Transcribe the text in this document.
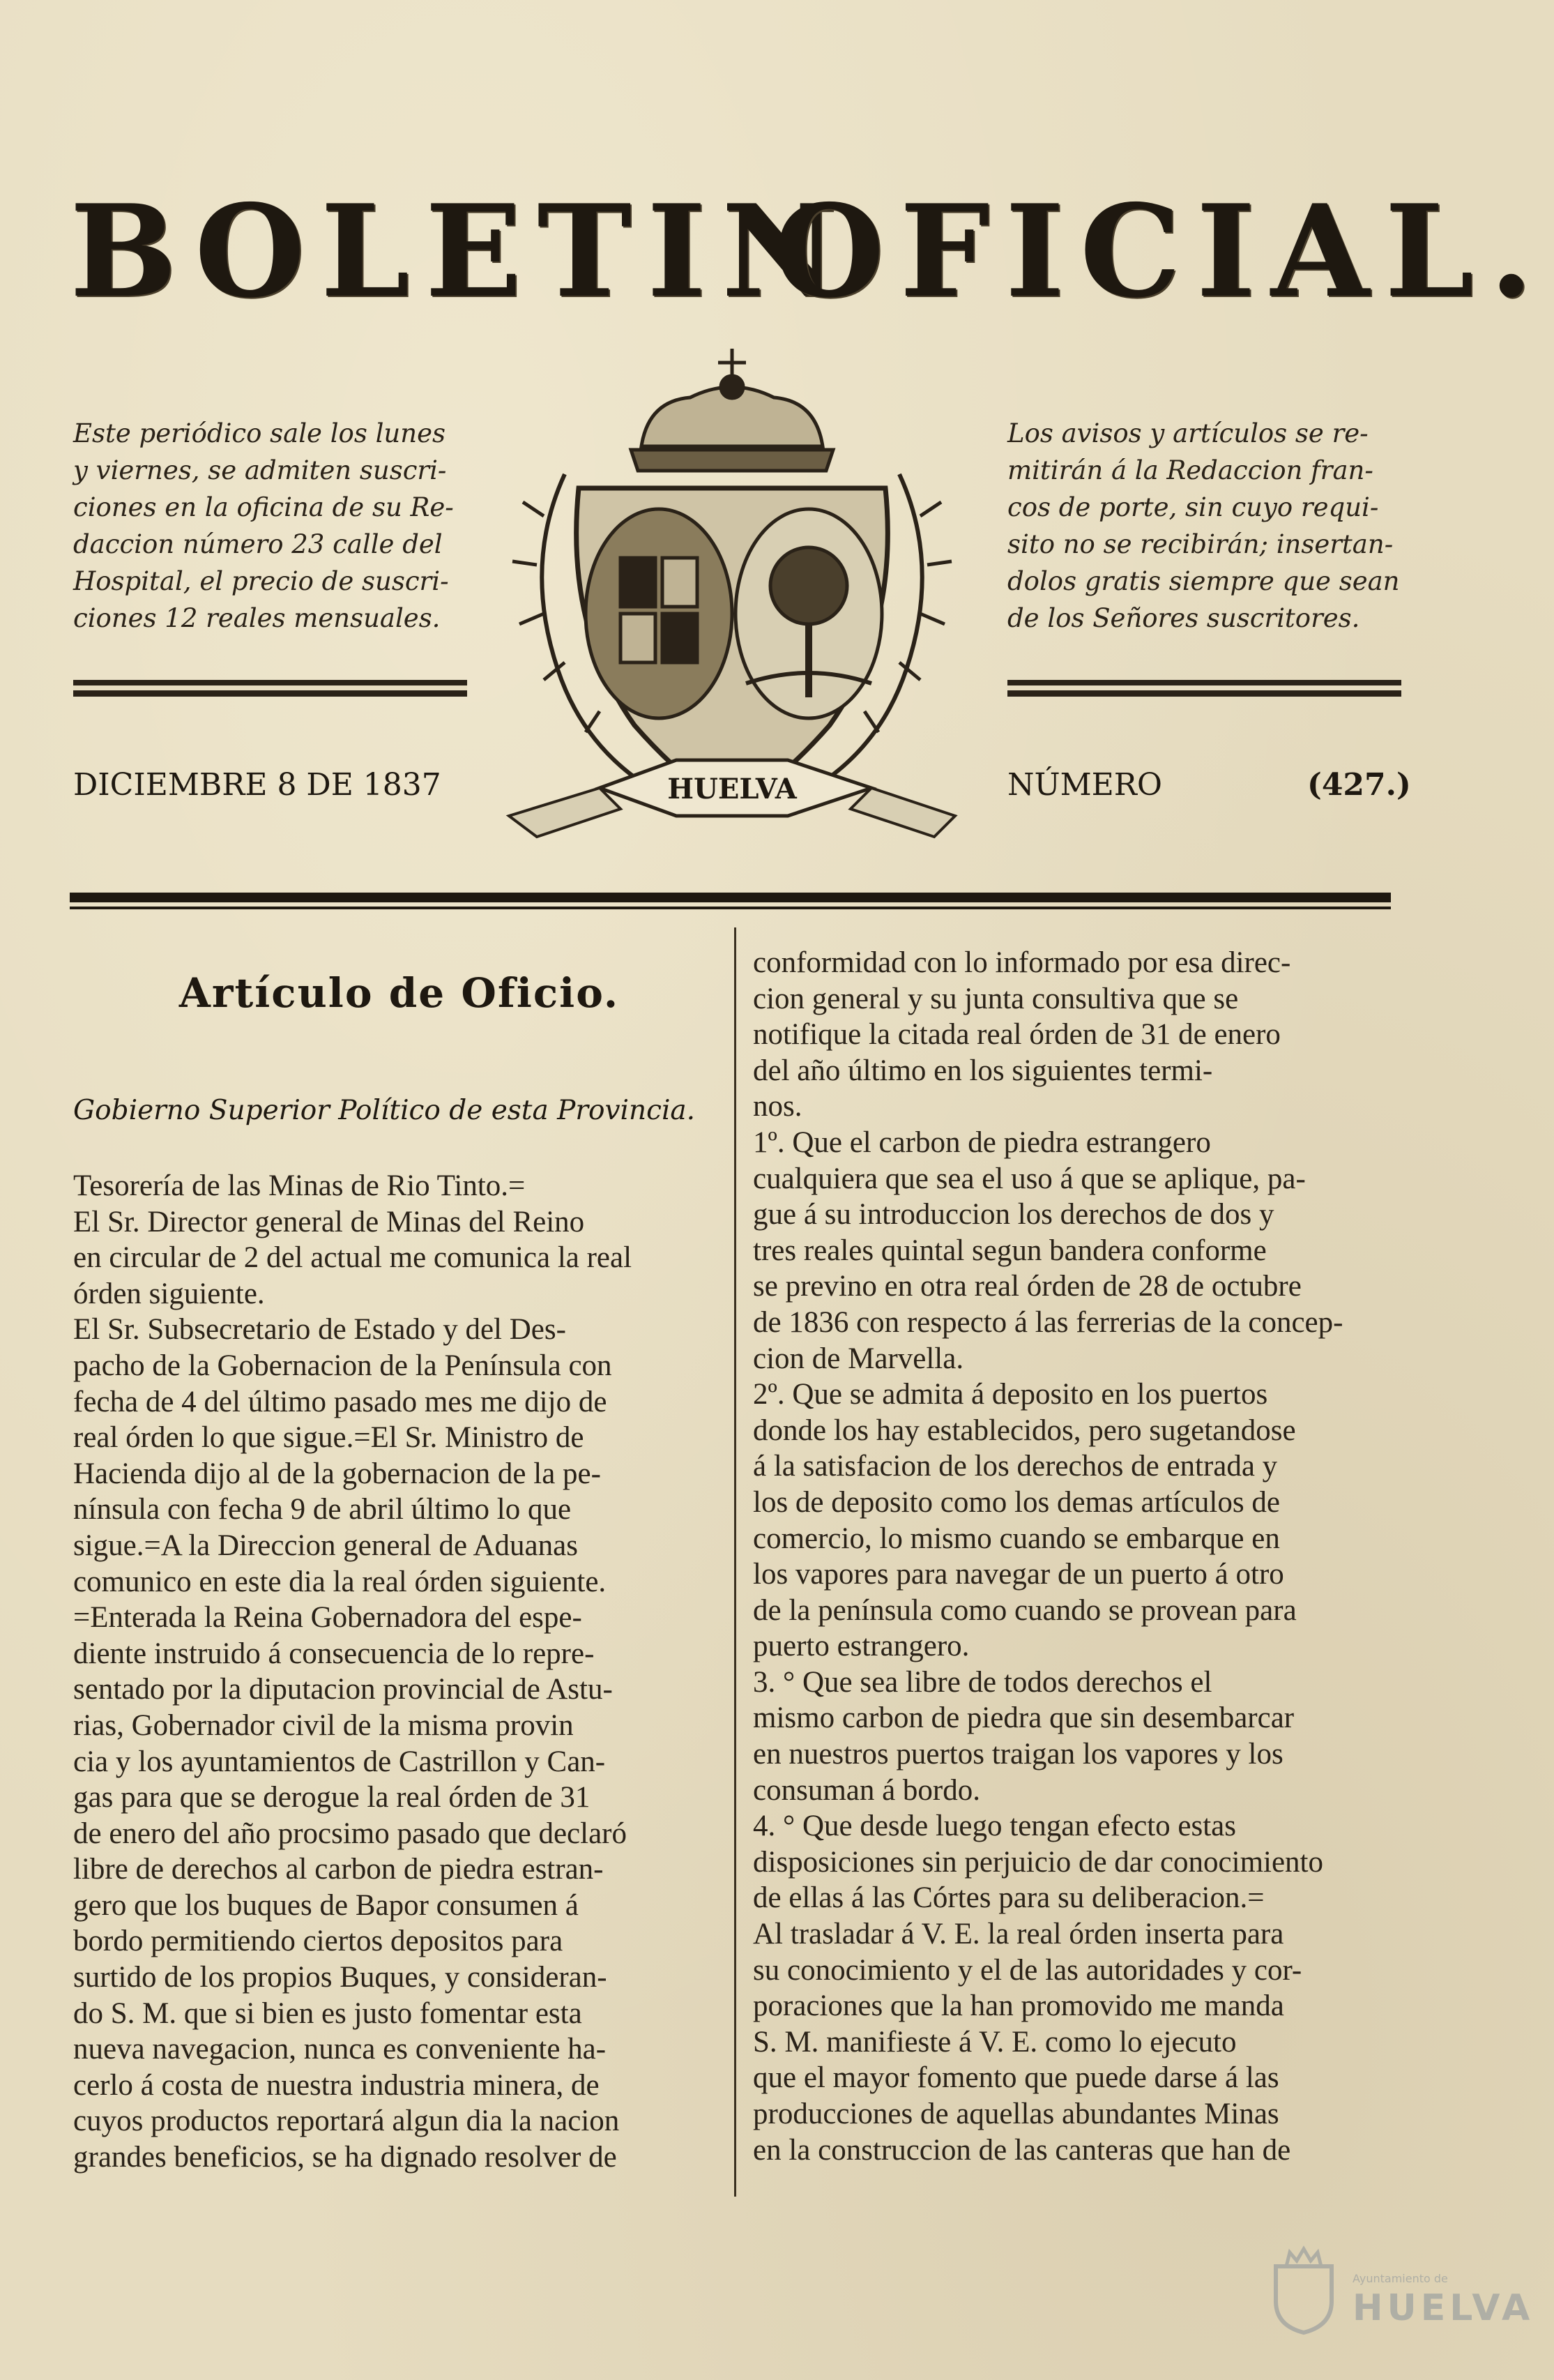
BOLETIN
OFICIAL.
Este periódico sale los lunes
y viernes, se admiten suscri-
ciones en la oficina de su Re-
daccion número 23 calle del
Hospital, el precio de suscri-
ciones 12 reales mensuales.
Los avisos y artículos se re-
mitirán á la Redaccion fran-
cos de porte, sin cuyo requi-
sito no se recibirán; insertan-
dolos gratis siempre que sean
de los Señores suscritores.
HUELVA
DICIEMBRE 8 DE 1837	NÚMERO	(427.)
Artículo de Oficio.
Gobierno Superior Político de esta Provincia.
Tesorería de las Minas de Rio Tinto.=
El Sr. Director general de Minas del Reino
en circular de 2 del actual me comunica la real
órden siguiente.
El Sr. Subsecretario de Estado y del Des-
pacho de la Gobernacion de la Península con
fecha de 4 del último pasado mes me dijo de
real órden lo que sigue.=El Sr. Ministro de
Hacienda dijo al de la gobernacion de la pe-
nínsula con fecha 9 de abril último lo que
sigue.=A la Direccion general de Aduanas
comunico en este dia la real órden siguiente.
=Enterada la Reina Gobernadora del espe-
diente instruido á consecuencia de lo repre-
sentado por la diputacion provincial de Astu-
rias, Gobernador civil de la misma provin
cia y los ayuntamientos de Castrillon y Can-
gas para que se derogue la real órden de 31
de enero del año procsimo pasado que declaró
libre de derechos al carbon de piedra estran-
gero que los buques de Bapor consumen á
bordo permitiendo ciertos depositos para
surtido de los propios Buques, y consideran-
do S. M. que si bien es justo fomentar esta
nueva navegacion, nunca es conveniente ha-
cerlo á costa de nuestra industria minera, de
cuyos productos reportará algun dia la nacion
grandes beneficios, se ha dignado resolver de
conformidad con lo informado por esa direc-
cion general y su junta consultiva que se
notifique la citada real órden de 31 de enero
del año último en los siguientes termi-
nos.
1º. Que el carbon de piedra estrangero
cualquiera que sea el uso á que se aplique, pa-
gue á su introduccion los derechos de dos y
tres reales quintal segun bandera conforme
se previno en otra real órden de 28 de octubre
de 1836 con respecto á las ferrerias de la concep-
cion de Marvella.
2º. Que se admita á deposito en los puertos
donde los hay establecidos, pero sugetandose
á la satisfacion de los derechos de entrada y
los de deposito como los demas artículos de
comercio, lo mismo cuando se embarque en
los vapores para navegar de un puerto á otro
de la península como cuando se provean para
puerto estrangero.
3. ° Que sea libre de todos derechos el
mismo carbon de piedra que sin desembarcar
en nuestros puertos traigan los vapores y los
consuman á bordo.
4. ° Que desde luego tengan efecto estas
disposiciones sin perjuicio de dar conocimiento
de ellas á las Córtes para su deliberacion.=
Al trasladar á V. E. la real órden inserta para
su conocimiento y el de las autoridades y cor-
poraciones que la han promovido me manda
S. M. manifieste á V. E. como lo ejecuto
que el mayor fomento que puede darse á las
producciones de aquellas abundantes Minas
en la construccion de las canteras que han de
Ayuntamiento de
HUELVA
